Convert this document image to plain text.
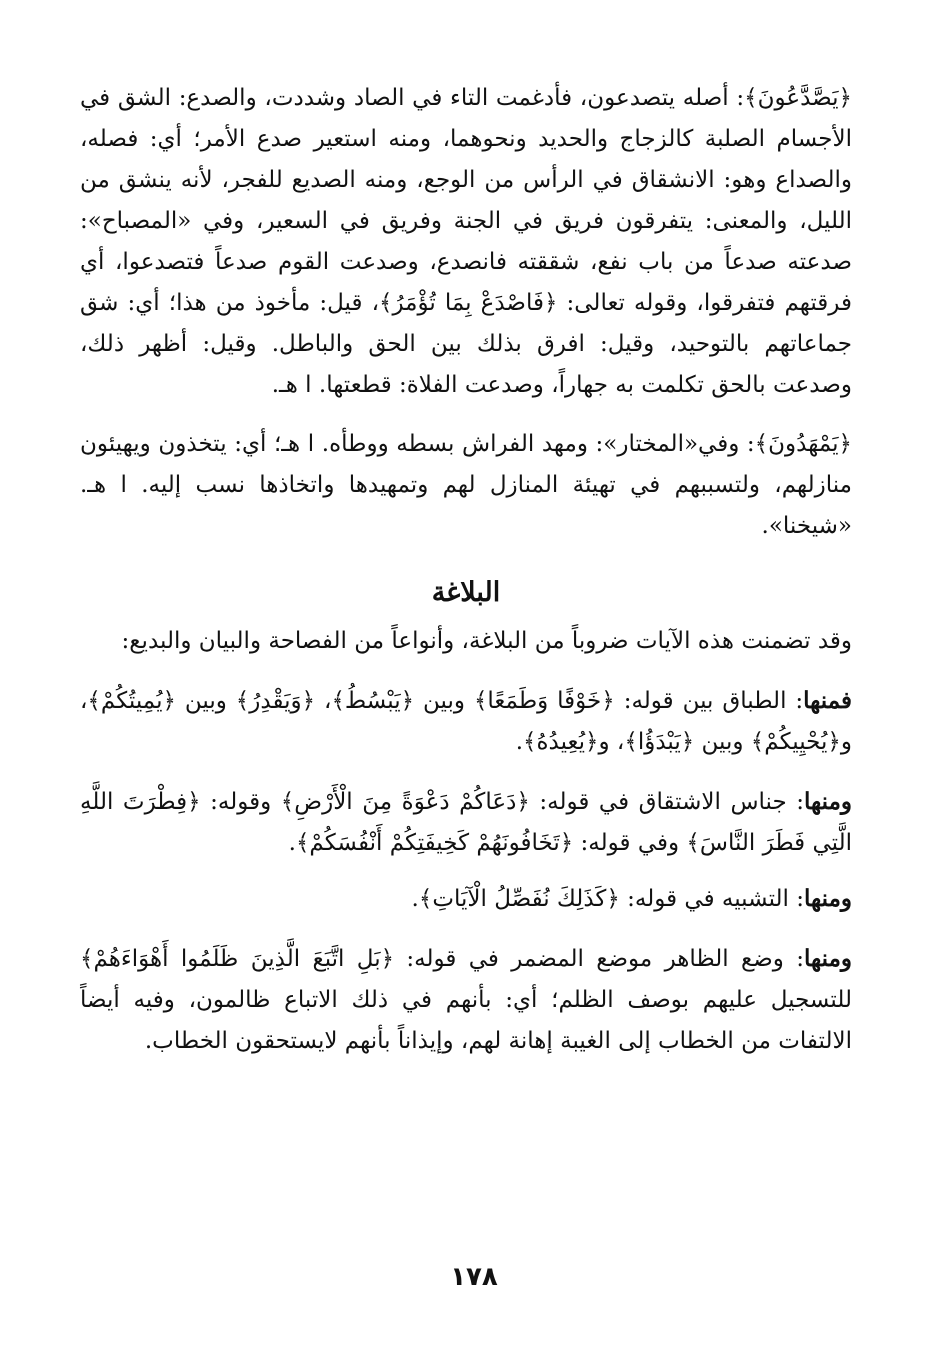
﴿يَصَّدَّعُونَ﴾: أصله يتصدعون، فأدغمت التاء في الصاد وشددت، والصدع: الشق في الأجسام الصلبة كالزجاج والحديد ونحوهما، ومنه استعير صدع الأمر؛ أي: فصله، والصداع وهو: الانشقاق في الرأس من الوجع، ومنه الصديع للفجر، لأنه ينشق من الليل، والمعنى: يتفرقون فريق في الجنة وفريق في السعير، وفي «المصباح»: صدعته صدعاً من باب نفع، شققته فانصدع، وصدعت القوم صدعاً فتصدعوا، أي فرقتهم فتفرقوا، وقوله تعالى: ﴿فَاصْدَعْ بِمَا تُؤْمَرُ﴾، قيل: مأخوذ من هذا؛ أي: شق جماعاتهم بالتوحيد، وقيل: افرق بذلك بين الحق والباطل. وقيل: أظهر ذلك، وصدعت بالحق تكلمت به جهاراً، وصدعت الفلاة: قطعتها. ا هـ.

﴿يَمْهَدُونَ﴾: وفي«المختار»: ومهد الفراش بسطه ووطأه. ا هـ؛ أي: يتخذون ويهيئون منازلهم، ولتسببهم في تهيئة المنازل لهم وتمهيدها واتخاذها نسب إليه. ا هـ. «شيخنا».

البلاغة

وقد تضمنت هذه الآيات ضروباً من البلاغة، وأنواعاً من الفصاحة والبيان والبديع:

فمنها: الطباق بين قوله: ﴿خَوْفًا وَطَمَعًا﴾ وبين ﴿يَبْسُطُ﴾، ﴿وَيَقْدِرُ﴾ وبين ﴿يُمِيتُكُمْ﴾، و﴿يُحْيِيكُمْ﴾ وبين ﴿يَبْدَؤُا﴾، و﴿يُعِيدُهُ﴾.

ومنها: جناس الاشتقاق في قوله: ﴿دَعَاكُمْ دَعْوَةً مِنَ الْأَرْضِ﴾ وقوله: ﴿فِطْرَتَ اللَّهِ الَّتِي فَطَرَ النَّاسَ﴾ وفي قوله: ﴿تَخَافُونَهُمْ كَخِيفَتِكُمْ أَنْفُسَكُمْ﴾.

ومنها: التشبيه في قوله: ﴿كَذَلِكَ نُفَصِّلُ الْآيَاتِ﴾.

ومنها: وضع الظاهر موضع المضمر في قوله: ﴿بَلِ اتَّبَعَ الَّذِينَ ظَلَمُوا أَهْوَاءَهُمْ﴾ للتسجيل عليهم بوصف الظلم؛ أي: بأنهم في ذلك الاتباع ظالمون، وفيه أيضاً الالتفات من الخطاب إلى الغيبة إهانة لهم، وإيذاناً بأنهم لايستحقون الخطاب.

١٧٨
